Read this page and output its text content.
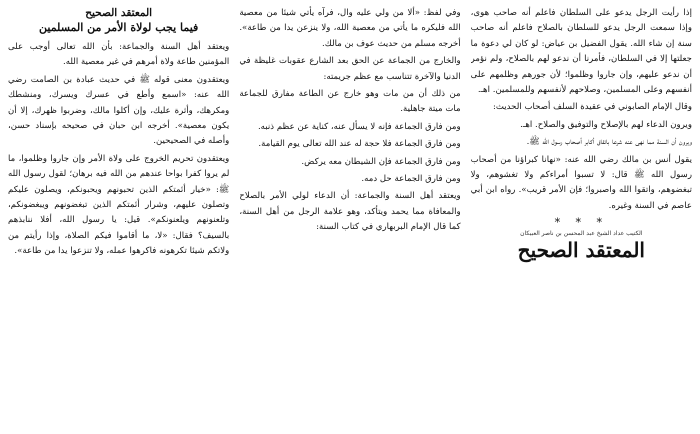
المعتقد الصحيح
فيما يجب لولاة الأمر من المسلمين

ويعتقد أهل السنة والجماعة: بأن الله تعالى أوجب على المؤمنين طاعة ولاة أمرهم في غير معصية الله.

ويعتقدون معنى قوله ﷺ في حديث عبادة بن الصامت رضي الله عنه: «اسمع وأطع في عسرك ويسرك، ومنشطك ومكرهك، وأثرة عليك، وإن أكلوا مالك، وضربوا ظهرك، إلا أن يكون معصية». أخرجه ابن حبان في صحيحه بإسناد حسن، وأصله في الصحيحين.

ويعتقدون تحريم الخروج على ولاة الأمر وإن جاروا وظلموا، ما لم يروا كفرا بواحا عندهم من الله فيه برهان؛ لقول رسول الله ﷺ: «خيار أئمتكم الذين تحبونهم ويحبونكم، ويصلون عليكم وتصلون عليهم، وشرار أئمتكم الذين تبغضونهم ويبغضونكم، وتلعنونهم ويلعنونكم». قيل: يا رسول الله، أفلا ننابذهم بالسيف؟ فقال: «لا، ما أقاموا فيكم الصلاة، وإذا رأيتم من ولاتكم شيئا تكرهونه فاكرهوا عمله، ولا تنزعوا يدا من طاعة».

وفي لفظ: «ألا من ولي عليه وال، فرآه يأتي شيئا من معصية الله فليكره ما يأتي من معصية الله، ولا ينزعن يدا من طاعة». أخرجه مسلم من حديث عوف بن مالك.

والخارج من الجماعة عن الحق بعد الشارع عقوبات غليظة في الدنيا والآخرة تتناسب مع عظم جريمته:

من ذلك أن من مات وهو خارج عن الطاعة مفارق للجماعة مات ميتة جاهلية.

ومن فارق الجماعة فإنه لا يسأل عنه، كناية عن عظم ذنبه.

ومن فارق الجماعة فلا حجة له عند الله تعالى يوم القيامة.

ومن فارق الجماعة فإن الشيطان معه يركض.

ومن فارق الجماعة حل دمه.

ويعتقد أهل السنة والجماعة: أن الدعاء لولي الأمر بالصلاح والمعافاة مما يحمد ويتأكد، وهو علامة الرجل من أهل السنة، كما قال الإمام البربهاري في كتاب السنة:

إذا رأيت الرجل يدعو على السلطان فاعلم أنه صاحب هوى، وإذا سمعت الرجل يدعو للسلطان بالصلاح فاعلم أنه صاحب سنة إن شاء الله. يقول الفضيل بن عياض: لو كان لي دعوة ما جعلتها إلا في السلطان، فأمرنا أن ندعو لهم بالصلاح، ولم نؤمر أن ندعو عليهم، وإن جاروا وظلموا؛ لأن جورهم وظلمهم على أنفسهم وعلى المسلمين، وصلاحهم لأنفسهم وللمسلمين. اهـ.

وقال الإمام الصابوني في عقيدة السلف أصحاب الحديث:

ويرون الدعاء لهم بالإصلاح والتوفيق والصلاح. اهـ.

ويرون أن السنة مما نهى عنه شرعا باتفاق أكابر أصحاب رسول الله ﷺ.

يقول أنس بن مالك رضي الله عنه: «نهانا كبراؤنا من أصحاب رسول الله ﷺ قال: لا تسبوا أمراءكم ولا تغشوهم، ولا تبغضوهم، واتقوا الله واصبروا؛ فإن الأمر قريب». رواه ابن أبي عاصم في السنة وغيره.

* * *
الكتيب عداد الشيخ عبد المحسن بن ناصر العبيكان
المعتقد الصحيح
